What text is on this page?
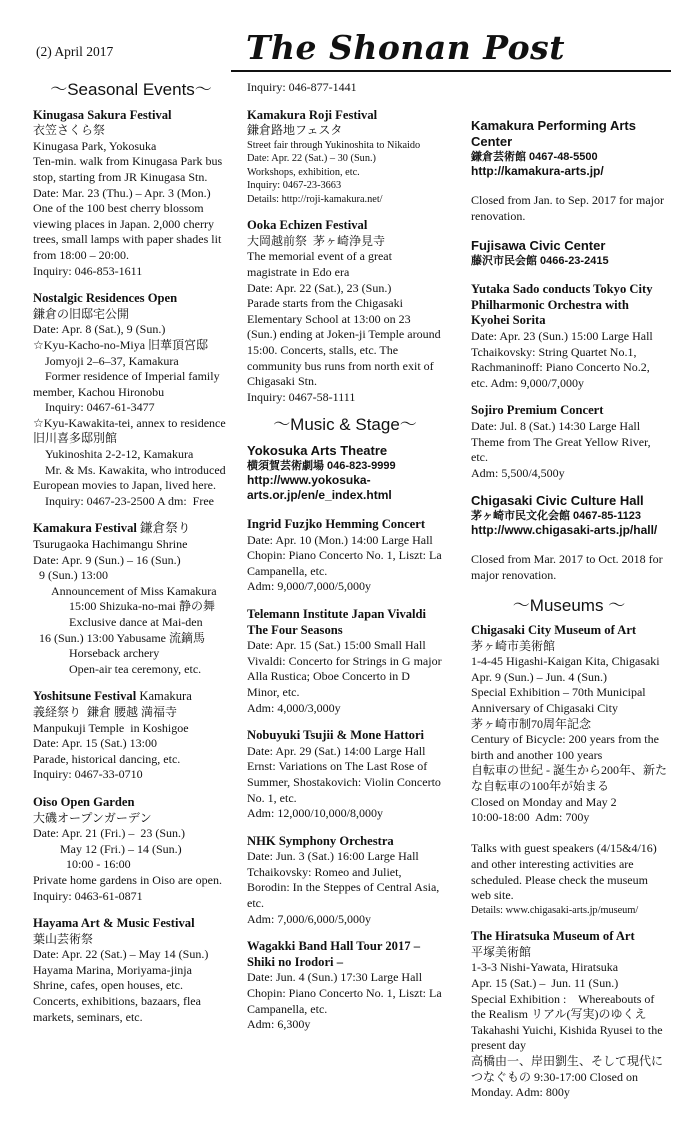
(2) April 2017	The Shonan Post
～Seasonal Events～
Kinugasa Sakura Festival
衣笠さくら祭
Kinugasa Park, Yokosuka
Ten-min. walk from Kinugasa Park bus stop, starting from JR Kinugasa Stn.
Date: Mar. 23 (Thu.) – Apr. 3 (Mon.)
One of the 100 best cherry blossom viewing places in Japan. 2,000 cherry trees, small lamps with paper shades lit from 18:00 – 20:00.
Inquiry: 046-853-1611
Nostalgic Residences Open
鎌倉の旧邸宅公開
Date: Apr. 8 (Sat.), 9 (Sun.)
☆Kyu-Kacho-no-Miya 旧華頂宮邸
Jomyoji 2–6–37, Kamakura
Former residence of Imperial family member, Kachou Hironobu
Inquiry: 0467-61-3477
☆Kyu-Kawakita-tei, annex to residence   旧川喜多邸別館
Yukinoshita 2-2-12, Kamakura
Mr. & Ms. Kawakita, who introduced European movies to Japan, lived here.
Inquiry: 0467-23-2500 A dm:  Free
Kamakura Festival 鎌倉祭り
Tsurugaoka Hachimangu Shrine
Date: Apr. 9 (Sun.) – 16 (Sun.)
9 (Sun.) 13:00
Announcement of Miss Kamakura
15:00 Shizuka-no-mai 静の舞
Exclusive dance at Mai-den
16 (Sun.) 13:00 Yabusame 流鏑馬
Horseback archery
Open-air tea ceremony, etc.
Yoshitsune Festival Kamakura
義経祭り  鎌倉 腰越 満福寺
Manpukuji Temple  in Koshigoe
Date: Apr. 15 (Sat.) 13:00
Parade, historical dancing, etc.
Inquiry: 0467-33-0710
Oiso Open Garden
大磯オープンガーデン
Date: Apr. 21 (Fri.) –  23 (Sun.)
May 12 (Fri.) – 14 (Sun.)
10:00 - 16:00
Private home gardens in Oiso are open.
Inquiry: 0463-61-0871
Hayama Art & Music Festival
葉山芸術祭
Date: Apr. 22 (Sat.) – May 14 (Sun.)
Hayama Marina, Moriyama-jinja Shrine, cafes, open houses, etc.
Concerts, exhibitions, bazaars, flea markets, seminars, etc.
Inquiry: 046-877-1441
Kamakura Roji Festival
鎌倉路地フェスタ
Street fair through Yukinoshita to Nikaido
Date: Apr. 22 (Sat.) – 30 (Sun.)
Workshops, exhibition, etc.
Inquiry: 0467-23-3663
Details: http://roji-kamakura.net/
Ooka Echizen Festival
大岡越前祭  茅ヶ崎浄見寺
The memorial event of a great magistrate in Edo era
Date: Apr. 22 (Sat.), 23 (Sun.)
Parade starts from the Chigasaki Elementary School at 13:00 on 23 (Sun.) ending at Joken-ji Temple around 15:00. Concerts, stalls, etc. The community bus runs from north exit of Chigasaki Stn.
Inquiry: 0467-58-1111
～Music & Stage～
Yokosuka Arts Theatre
横須賀芸術劇場 046-823-9999
http://www.yokosuka-arts.or.jp/en/e_index.html
Ingrid Fuzjko Hemming Concert
Date: Apr. 10 (Mon.) 14:00 Large Hall
Chopin: Piano Concerto No. 1, Liszt: La Campanella, etc.
Adm: 9,000/7,000/5,000y
Telemann Institute Japan Vivaldi The Four Seasons
Date: Apr. 15 (Sat.) 15:00 Small Hall
Vivaldi: Concerto for Strings in G major Alla Rustica; Oboe Concerto in D Minor, etc.
Adm: 4,000/3,000y
Nobuyuki Tsujii & Mone Hattori
Date: Apr. 29 (Sat.) 14:00 Large Hall
Ernst: Variations on The Last Rose of Summer, Shostakovich: Violin Concerto No. 1, etc.
Adm: 12,000/10,000/8,000y
NHK Symphony Orchestra
Date: Jun. 3 (Sat.) 16:00 Large Hall
Tchaikovsky: Romeo and Juliet, Borodin: In the Steppes of Central Asia, etc.
Adm: 7,000/6,000/5,000y
Wagakki Band Hall Tour 2017 – Shiki no Irodori –
Date: Jun. 4 (Sun.) 17:30 Large Hall
Chopin: Piano Concerto No. 1, Liszt: La Campanella, etc.
Adm: 6,300y
Kamakura Performing Arts Center
鎌倉芸術館 0467-48-5500
http://kamakura-arts.jp/
Closed from Jan. to Sep. 2017 for major renovation.
Fujisawa Civic Center
藤沢市民会館 0466-23-2415
Yutaka Sado conducts Tokyo City Philharmonic Orchestra with Kyohei Sorita
Date: Apr. 23 (Sun.) 15:00 Large Hall
Tchaikovsky: String Quartet No.1, Rachmaninoff: Piano Concerto No.2, etc. Adm: 9,000/7,000y
Sojiro Premium Concert
Date: Jul. 8 (Sat.) 14:30 Large Hall
Theme from The Great Yellow River, etc.
Adm: 5,500/4,500y
Chigasaki Civic Culture Hall
茅ヶ崎市民文化会館 0467-85-1123
http://www.chigasaki-arts.jp/hall/
Closed from Mar. 2017 to Oct. 2018 for major renovation.
～Museums ～
Chigasaki City Museum of Art
茅ヶ崎市美術館
1-4-45 Higashi-Kaigan Kita, Chigasaki
Apr. 9 (Sun.) – Jun. 4 (Sun.)
Special Exhibition – 70th Municipal Anniversary of Chigasaki City
茅ヶ崎市制70周年記念
Century of Bicycle: 200 years from the birth and another 100 years
自転車の世紀 - 誕生から200年、新たな自転車の100年が始まる
Closed on Monday and May 2
10:00-18:00  Adm: 700y

Talks with guest speakers (4/15&4/16) and other interesting activities are scheduled. Please check the museum web site.
Details: www.chigasaki-arts.jp/museum/
The Hiratsuka Museum of Art
平塚美術館
1-3-3 Nishi-Yawata, Hiratsuka
Apr. 15 (Sat.) –  Jun. 11 (Sun.)
Special Exhibition :    Whereabouts of the Realism リアル(写実)のゆくえ
Takahashi Yuichi, Kishida Ryusei to the present day
高橋由一、岸田劉生、そして現代につなぐもの 9:30-17:00 Closed on Monday. Adm: 800y
